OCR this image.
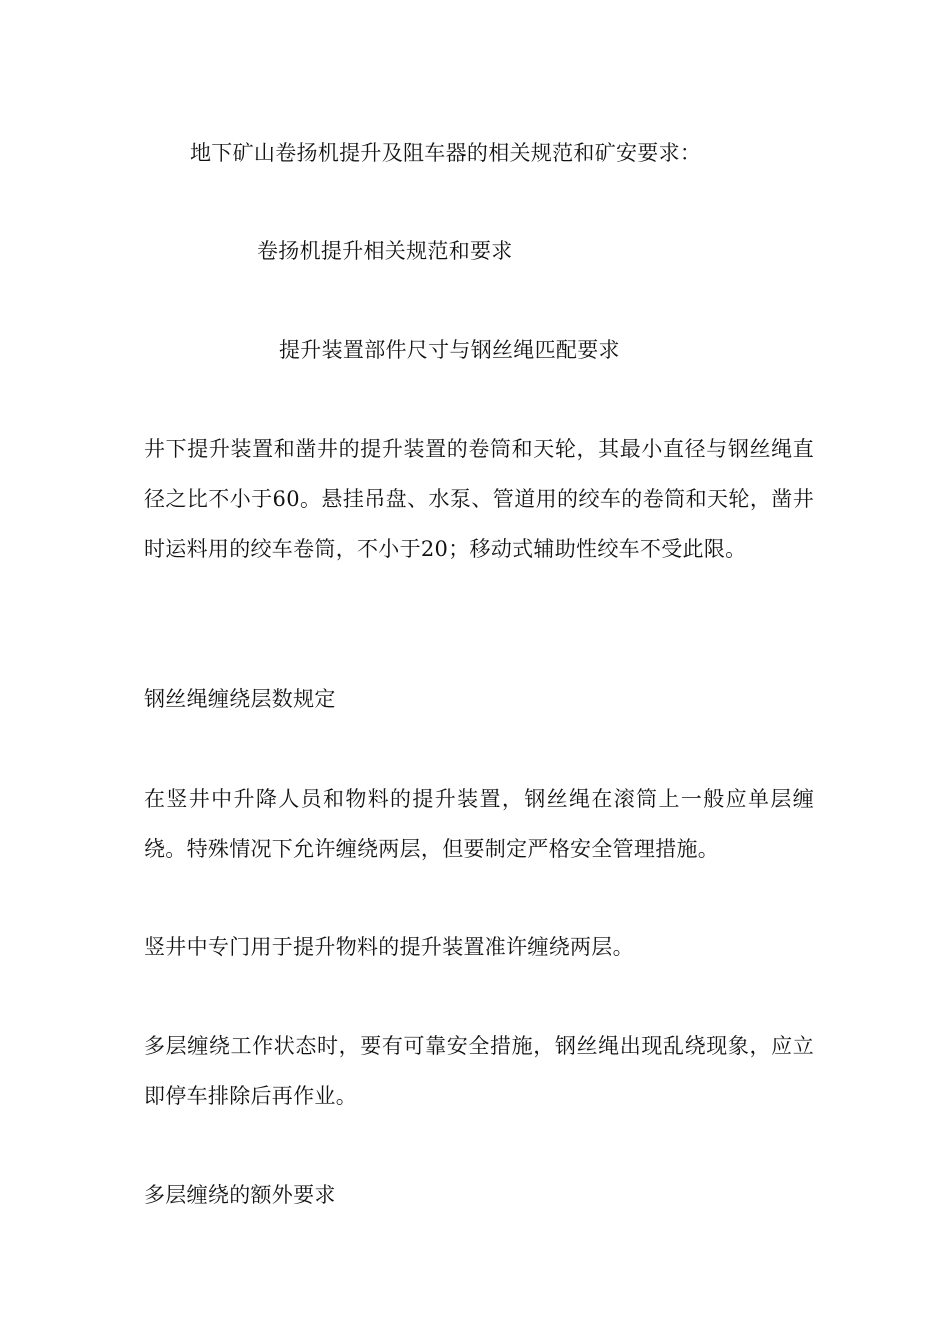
地下矿山卷扬机提升及阻车器的相关规范和矿安要求：
卷扬机提升相关规范和要求
提升装置部件尺寸与钢丝绳匹配要求

井下提升装置和凿井的提升装置的卷筒和天轮，其最小直径与钢丝绳直径之比不小于60。悬挂吊盘、水泵、管道用的绞车的卷筒和天轮，凿井时运料用的绞车卷筒，不小于20；移动式辅助性绞车不受此限。

钢丝绳缠绕层数规定

在竖井中升降人员和物料的提升装置，钢丝绳在滚筒上一般应单层缠绕。特殊情况下允许缠绕两层，但要制定严格安全管理措施。

竖井中专门用于提升物料的提升装置准许缠绕两层。

多层缠绕工作状态时，要有可靠安全措施，钢丝绳出现乱绕现象，应立即停车排除后再作业。

多层缠绕的额外要求
